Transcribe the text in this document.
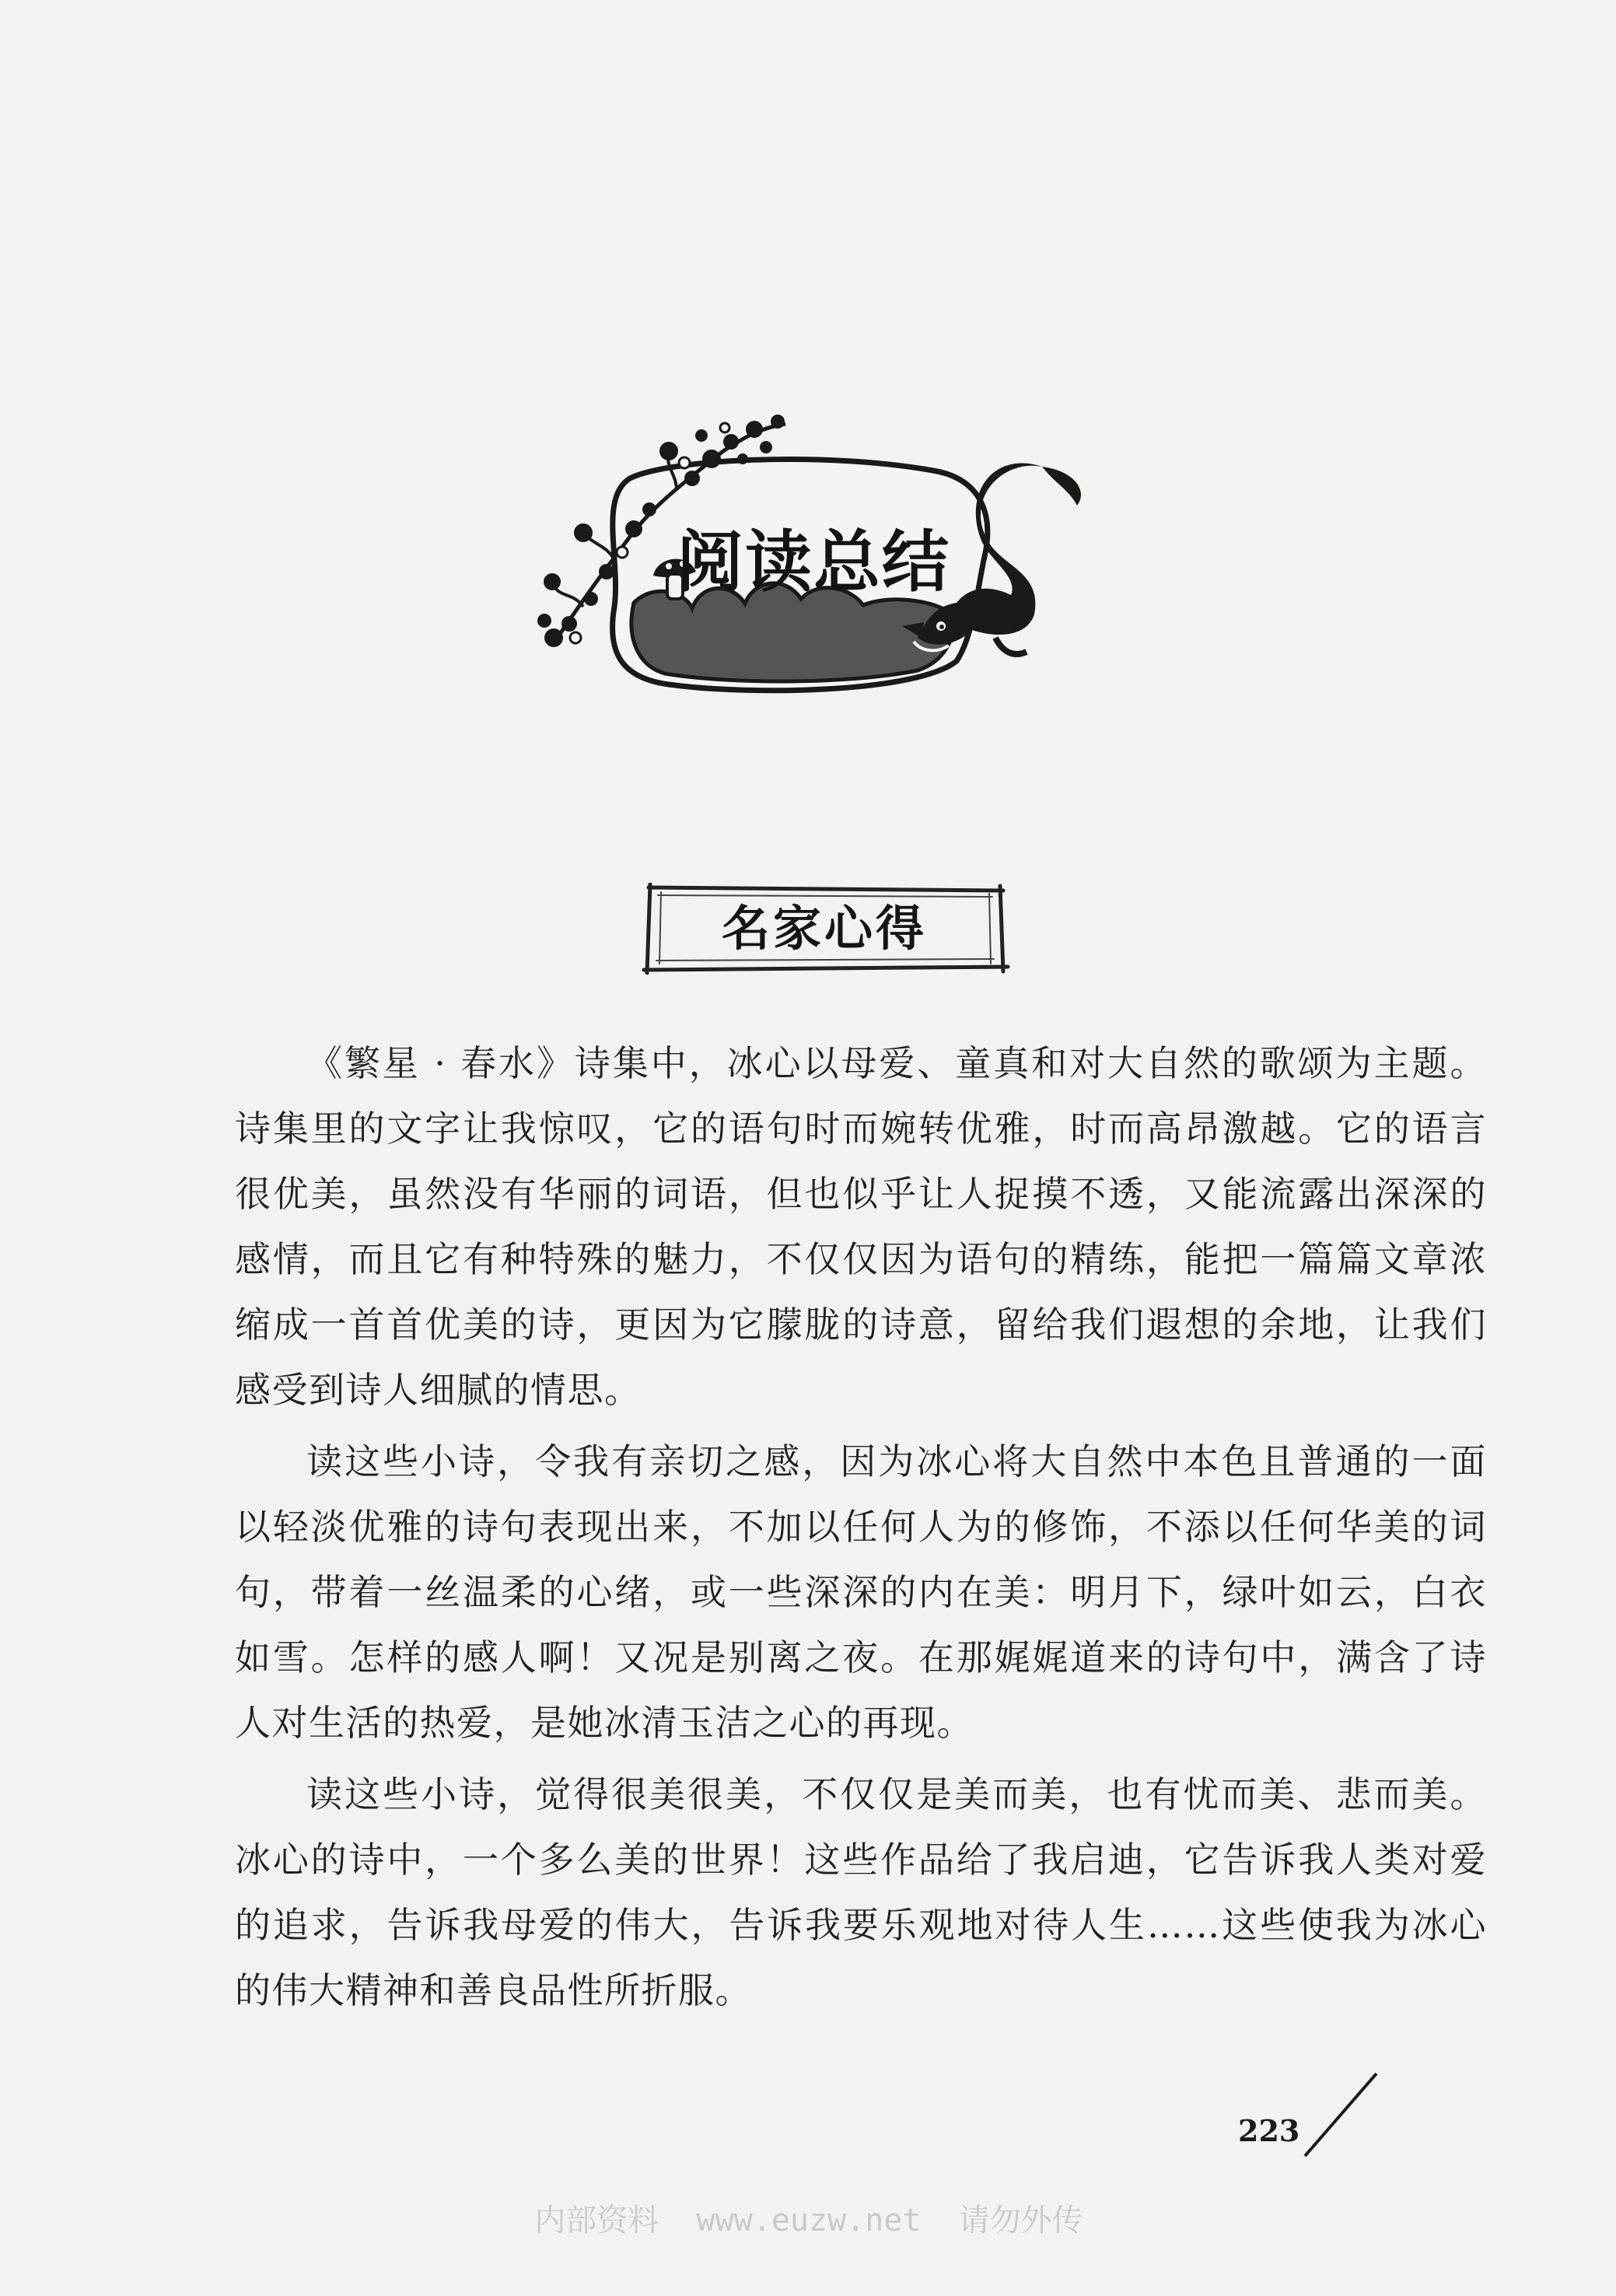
阅读总结
名家心得

《繁星 · 春水》诗集中，冰心以母爱、童真和对大自然的歌颂为主题。诗集里的文字让我惊叹，它的语句时而婉转优雅，时而高昂激越。它的语言很优美，虽然没有华丽的词语，但也似乎让人捉摸不透，又能流露出深深的感情，而且它有种特殊的魅力，不仅仅因为语句的精练，能把一篇篇文章浓缩成一首首优美的诗，更因为它朦胧的诗意，留给我们遐想的余地，让我们感受到诗人细腻的情思。

读这些小诗，令我有亲切之感，因为冰心将大自然中本色且普通的一面以轻淡优雅的诗句表现出来，不加以任何人为的修饰，不添以任何华美的词句，带着一丝温柔的心绪，或一些深深的内在美：明月下，绿叶如云，白衣如雪。怎样的感人啊！又况是别离之夜。在那娓娓道来的诗句中，满含了诗人对生活的热爱，是她冰清玉洁之心的再现。

读这些小诗，觉得很美很美，不仅仅是美而美，也有忧而美、悲而美。冰心的诗中，一个多么美的世界！这些作品给了我启迪，它告诉我人类对爱的追求，告诉我母爱的伟大，告诉我要乐观地对待人生……这些使我为冰心的伟大精神和善良品性所折服。

223
内部资料  www.euzw.net  请勿外传
